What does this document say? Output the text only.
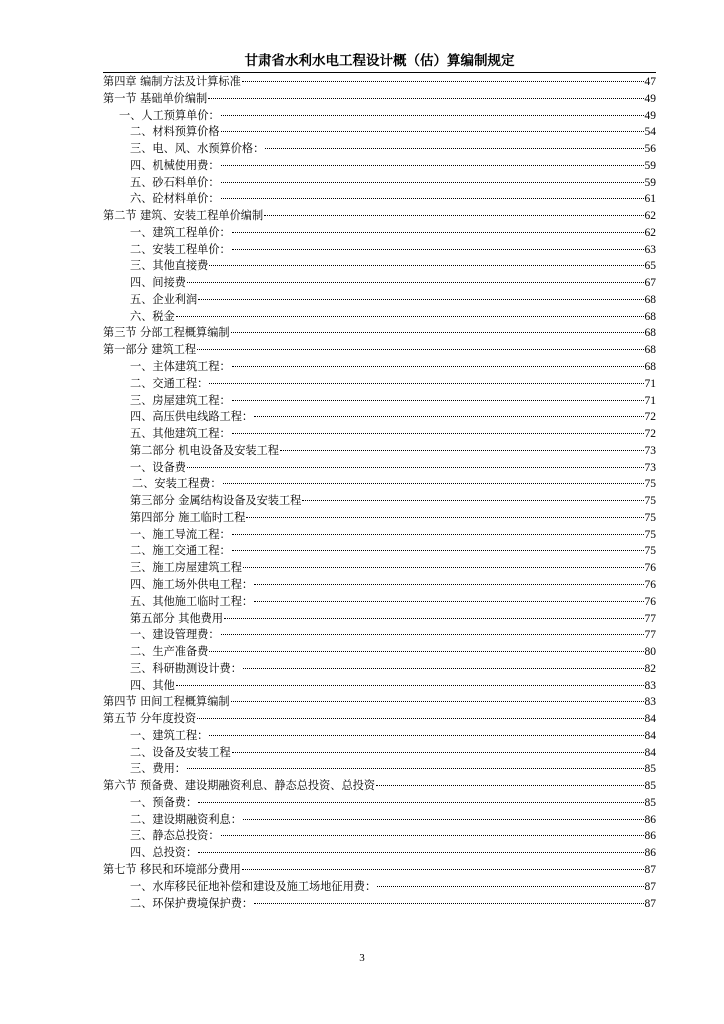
甘肃省水利水电工程设计概（估）算编制规定
第四章 编制方法及计算标准	47
第一节 基础单价编制	49
一、人工预算单价：	49
二、材料预算价格	54
三、电、风、水预算价格：	56
四、机械使用费：	59
五、砂石料单价：	59
六、砼材料单价：	61
第二节 建筑、安装工程单价编制	62
一、建筑工程单价：	62
二、安装工程单价：	63
三、其他直接费	65
四、间接费	67
五、企业利润	68
六、税金	68
第三节 分部工程概算编制	68
第一部分 建筑工程	68
一、主体建筑工程：	68
二、交通工程：	71
三、房屋建筑工程：	71
四、高压供电线路工程：	72
五、其他建筑工程：	72
第二部分 机电设备及安装工程	73
一、设备费	73
二、安装工程费：	75
第三部分 金属结构设备及安装工程	75
第四部分 施工临时工程	75
一、施工导流工程：	75
二、施工交通工程：	75
三、施工房屋建筑工程	76
四、施工场外供电工程：	76
五、其他施工临时工程：	76
第五部分 其他费用	77
一、建设管理费：	77
二、生产准备费	80
三、科研勘测设计费：	82
四、其他	83
第四节 田间工程概算编制	83
第五节 分年度投资	84
一、建筑工程：	84
二、设备及安装工程	84
三、费用：	85
第六节 预备费、建设期融资利息、静态总投资、总投资	85
一、预备费：	85
二、建设期融资利息：	86
三、静态总投资：	86
四、总投资：	86
第七节 移民和环境部分费用	87
一、水库移民征地补偿和建设及施工场地征用费：	87
二、环保护费境保护费：	87
3
